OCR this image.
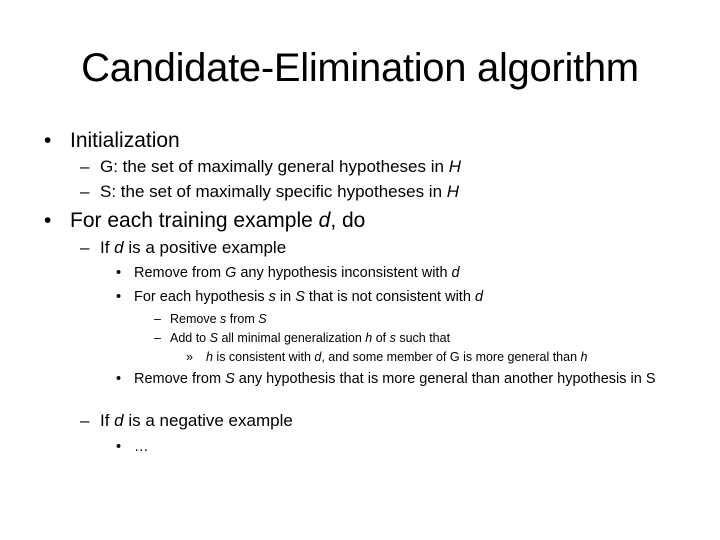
Candidate-Elimination algorithm
• Initialization
– G: the set of maximally general hypotheses in H
– S: the set of maximally specific hypotheses in H
• For each training example d, do
– If d is a positive example
• Remove from G any hypothesis inconsistent with d
• For each hypothesis s in S that is not consistent with d
– Remove s from S
– Add to S all minimal generalization h of s such that
» h is consistent with d, and some member of G is more general than h
• Remove from S any hypothesis that is more general than another hypothesis in S
– If d is a negative example
• …
